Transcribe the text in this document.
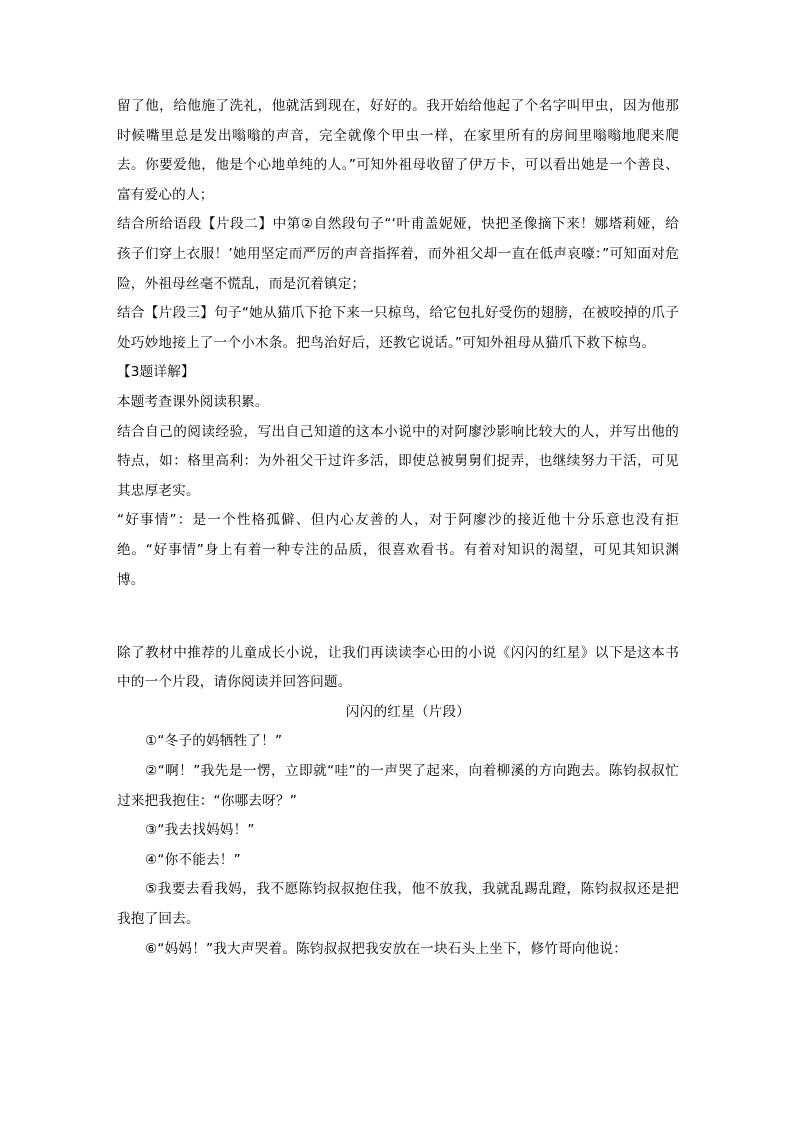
留了他，给他施了洗礼，他就活到现在，好好的。我开始给他起了个名字叫甲虫，因为他那时候嘴里总是发出嗡嗡的声音，完全就像个甲虫一样，在家里所有的房间里嗡嗡地爬来爬去。你要爱他，他是个心地单纯的人。”可知外祖母收留了伊万卡，可以看出她是一个善良、富有爱心的人；

结合所给语段【片段二】中第②自然段句子“‘叶甫盖妮娅，快把圣像摘下来！娜塔莉娅，给孩子们穿上衣服！’她用坚定而严厉的声音指挥着，而外祖父却一直在低声哀嚎：”可知面对危险，外祖母丝毫不慌乱，而是沉着镇定；

结合【片段三】句子“她从猫爪下抢下来一只椋鸟，给它包扎好受伤的翅膀，在被咬掉的爪子处巧妙地接上了一个小木条。把鸟治好后，还教它说话。”可知外祖母从猫爪下救下椋鸟。

【3题详解】

本题考查课外阅读积累。

结合自己的阅读经验，写出自己知道的这本小说中的对阿廖沙影响比较大的人，并写出他的特点，如：格里高利：为外祖父干过许多活，即使总被舅舅们捉弄，也继续努力干活，可见其忠厚老实。

“好事情”：是一个性格孤僻、但内心友善的人，对于阿廖沙的接近他十分乐意也没有拒绝。“好事情”身上有着一种专注的品质，很喜欢看书。有着对知识的渴望，可见其知识渊博。

除了教材中推荐的儿童成长小说，让我们再读读李心田的小说《闪闪的红星》以下是这本书中的一个片段，请你阅读并回答问题。

闪闪的红星（片段）

①“冬子的妈牺牲了！”

②“啊！”我先是一愣，立即就“哇”的一声哭了起来，向着柳溪的方向跑去。陈钧叔叔忙过来把我抱住：“你哪去呀？”

③“我去找妈妈！”

④“你不能去！”

⑤我要去看我妈，我不愿陈钧叔叔抱住我，他不放我，我就乱踢乱蹬，陈钧叔叔还是把我抱了回去。

⑥“妈妈！”我大声哭着。陈钧叔叔把我安放在一块石头上坐下，修竹哥向他说：
